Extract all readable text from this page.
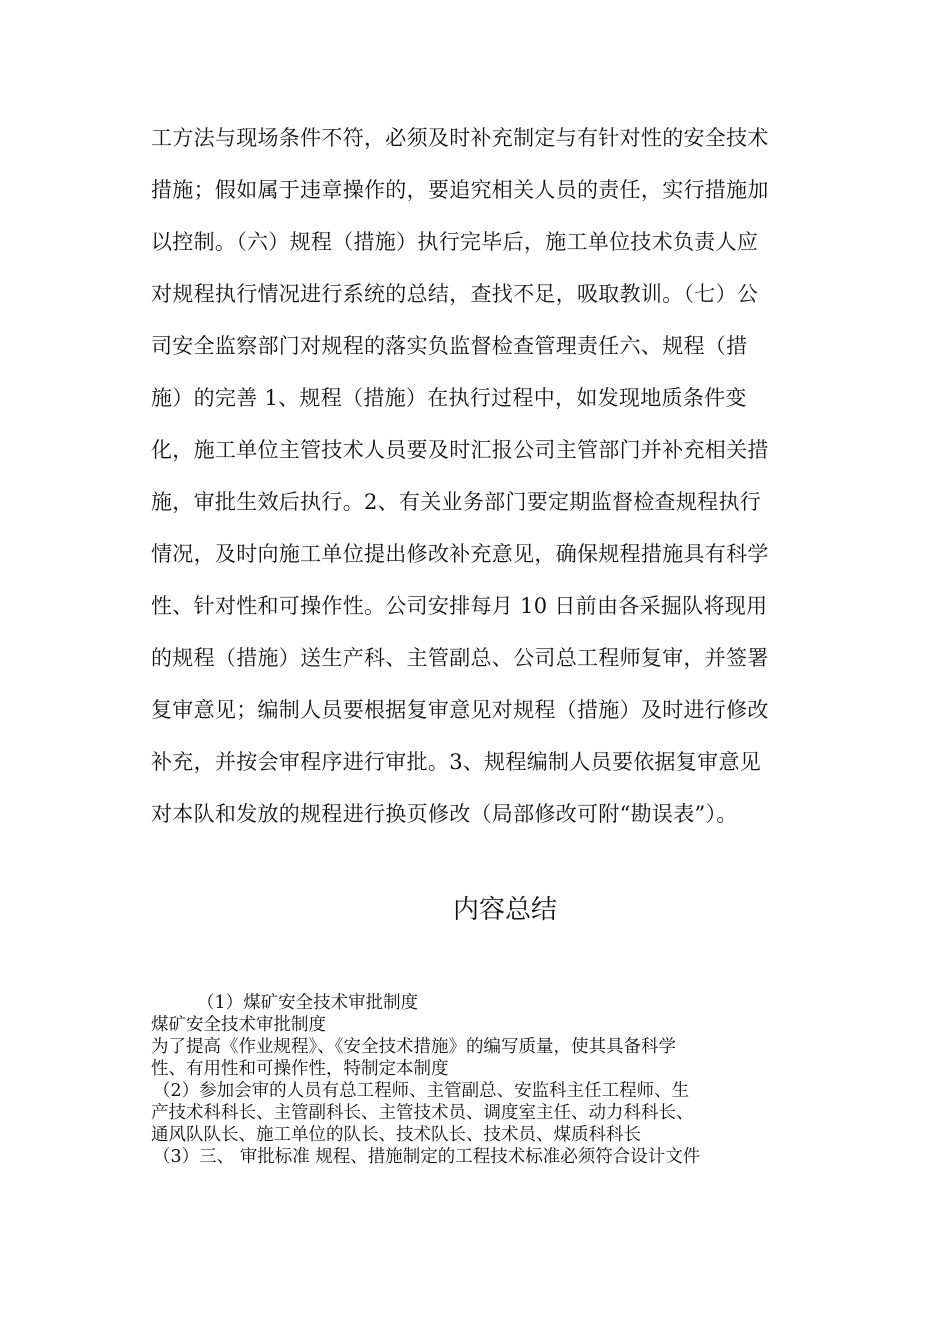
工方法与现场条件不符，必须及时补充制定与有针对性的安全技术
措施；假如属于违章操作的，要追究相关人员的责任，实行措施加
以控制。（六）规程（措施）执行完毕后，施工单位技术负责人应
对规程执行情况进行系统的总结，查找不足，吸取教训。（七）公
司安全监察部门对规程的落实负监督检查管理责任六、规程（措
施）的完善 1、规程（措施）在执行过程中，如发现地质条件变
化，施工单位主管技术人员要及时汇报公司主管部门并补充相关措
施，审批生效后执行。2、有关业务部门要定期监督检查规程执行
情况，及时向施工单位提出修改补充意见，确保规程措施具有科学
性、针对性和可操作性。公司安排每月 10 日前由各采掘队将现用
的规程（措施）送生产科、主管副总、公司总工程师复审，并签署
复审意见；编制人员要根据复审意见对规程（措施）及时进行修改
补充，并按会审程序进行审批。3、规程编制人员要依据复审意见
对本队和发放的规程进行换页修改（局部修改可附“勘误表”）。
内容总结
（1）煤矿安全技术审批制度
煤矿安全技术审批制度
为了提高《作业规程》、《安全技术措施》的编写质量，使其具备科学
性、有用性和可操作性，特制定本制度
（2）参加会审的人员有总工程师、主管副总、安监科主任工程师、生
产技术科科长、主管副科长、主管技术员、调度室主任、动力科科长、
通风队队长、施工单位的队长、技术队长、技术员、煤质科科长
（3）三、 审批标准 规程、措施制定的工程技术标准必须符合设计文件
